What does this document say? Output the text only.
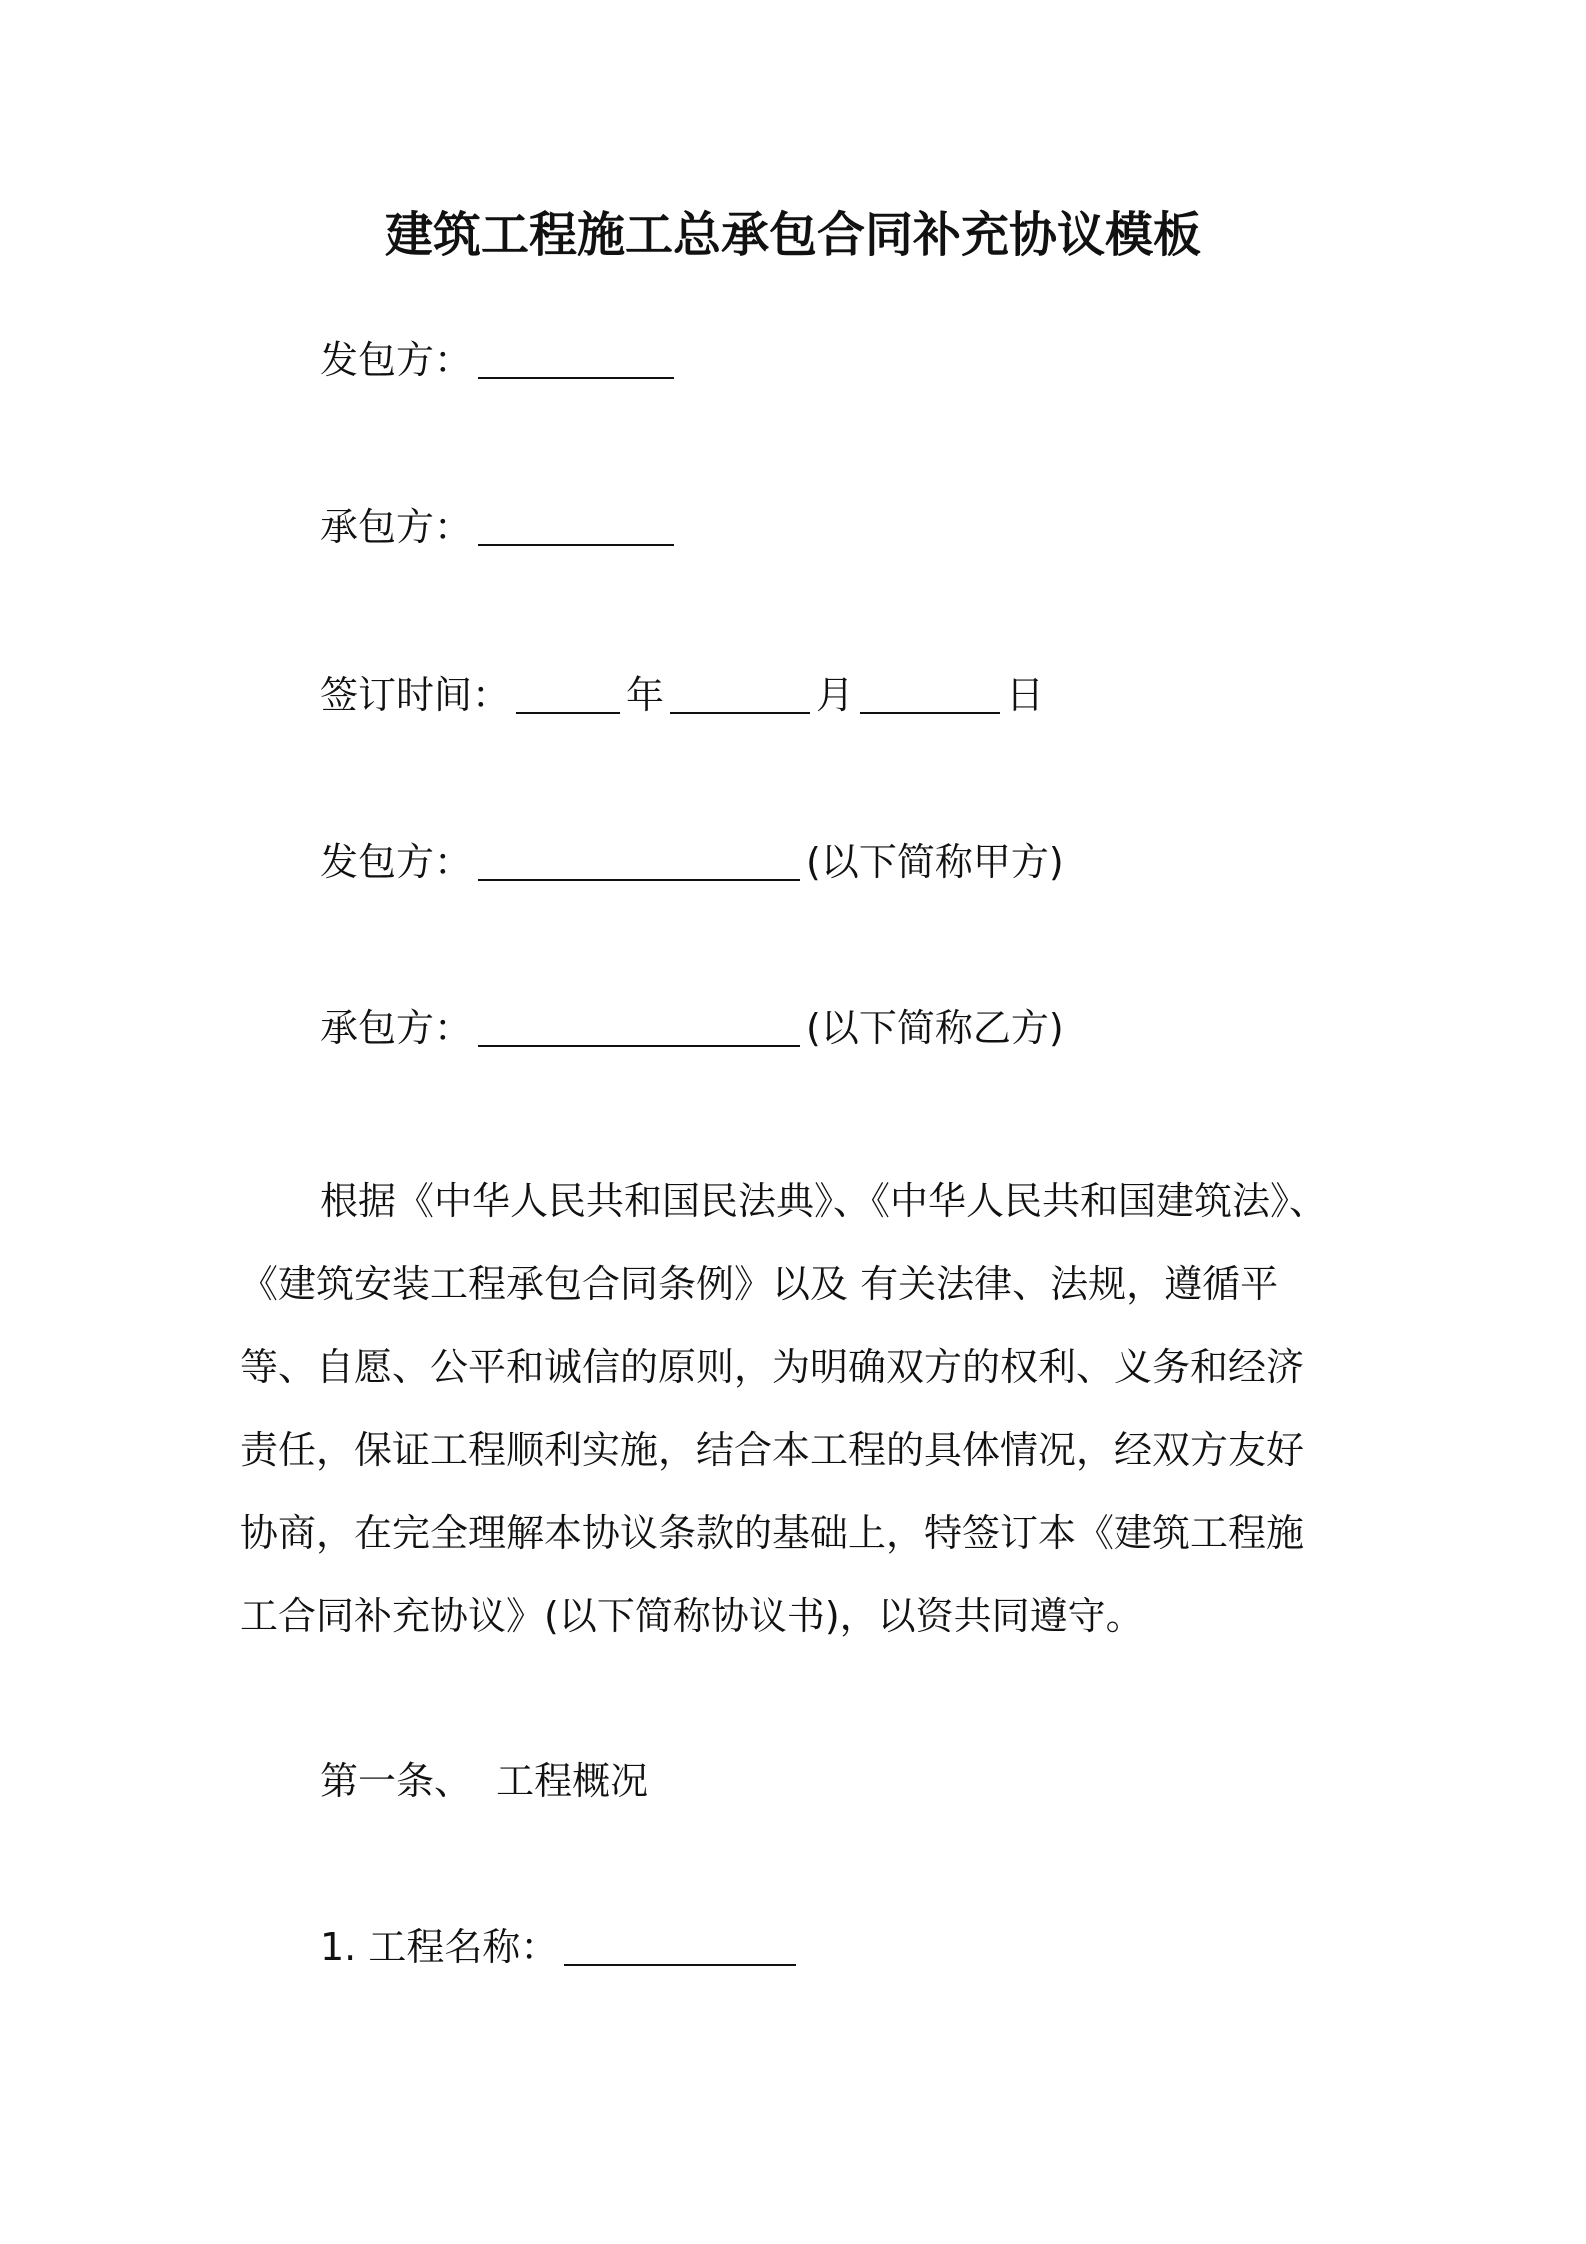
建筑工程施工总承包合同补充协议模板
发包方：
承包方：
签订时间：	年	月	日
发包方：	(以下简称甲方)
承包方：	(以下简称乙方)
根据《中华人民共和国民法典》、《中华人民共和国建筑法》、
《建筑安装工程承包合同条例》以及 有关法律、法规，遵循平
等、自愿、公平和诚信的原则，为明确双方的权利、义务和经济
责任，保证工程顺利实施，结合本工程的具体情况，经双方友好
协商，在完全理解本协议条款的基础上，特签订本《建筑工程施
工合同补充协议》(以下简称协议书)，以资共同遵守。
第一条、  工程概况
1. 工程名称：
